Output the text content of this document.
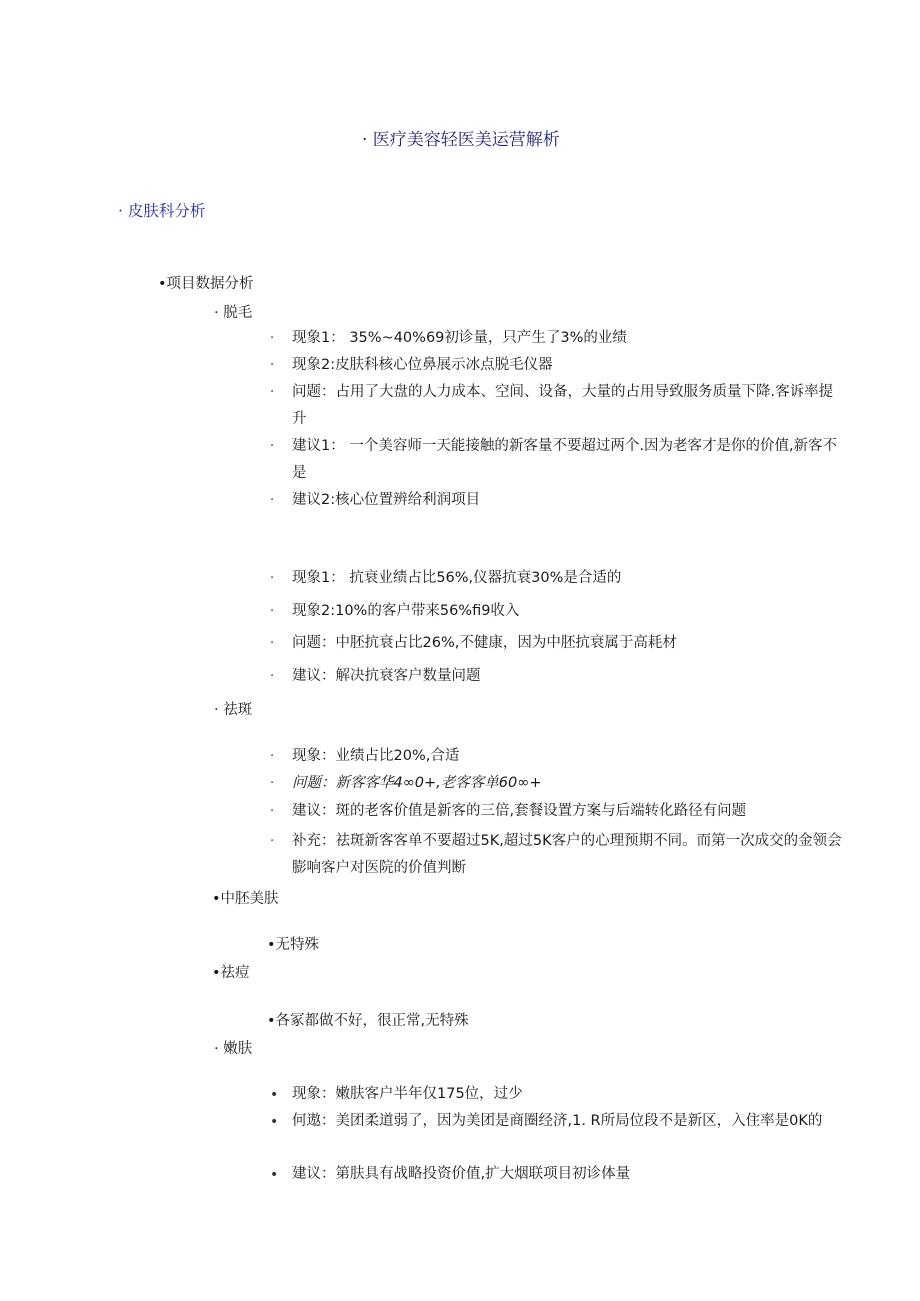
· 医疗美容轻医美运营解析
· 皮肤科分析
•项目数据分析
· 脱毛
·	现象1： 35%~40%69初诊量，只产生了3%的业绩
·	现象2:皮肤科核心位鼻展示冰点脱毛仪器
·	问题：占用了大盘的人力成本、空间、设备，大量的占用导致服务质量下降.客诉率提升
·	建议1： 一个美容师一天能接触的新客量不要超过两个.因为老客才是你的价值,新客不是
·	建议2:核心位置辨给利润项目
·	现象1： 抗衰业绩占比56%,仪器抗衰30%是合适的
·	现象2:10%的客户带来56%fi9收入
·	问题：中胚抗衰占比26%,不健康，因为中胚抗衰属于高耗材
·	建议：解决抗衰客户数量问题
· 祛斑
·	现象：业绩占比20%,合适
·	问题：新客客华4∞0+,老客客单60∞+
·	建议：斑的老客价值是新客的三倍,套餐设置方案与后端转化路径有问题
·	补充：祛斑新客客单不要超过5K,超过5K客户的心理预期不同。而第一次成交的金领会膨响客户对医院的价值判断
•中胚美肤
•无特殊
•祛痘
•各冢都做不好，很正常,无特殊
· 嫩肤
• 现象：嫩肤客户半年仅175位，过少
• 何遨：美团柔道弱了，因为美团是商圈经济,1. R所局位段不是新区，入住率是0K的
• 建议：第肤具有战略投资价值,扩大烟联项目初诊体量
